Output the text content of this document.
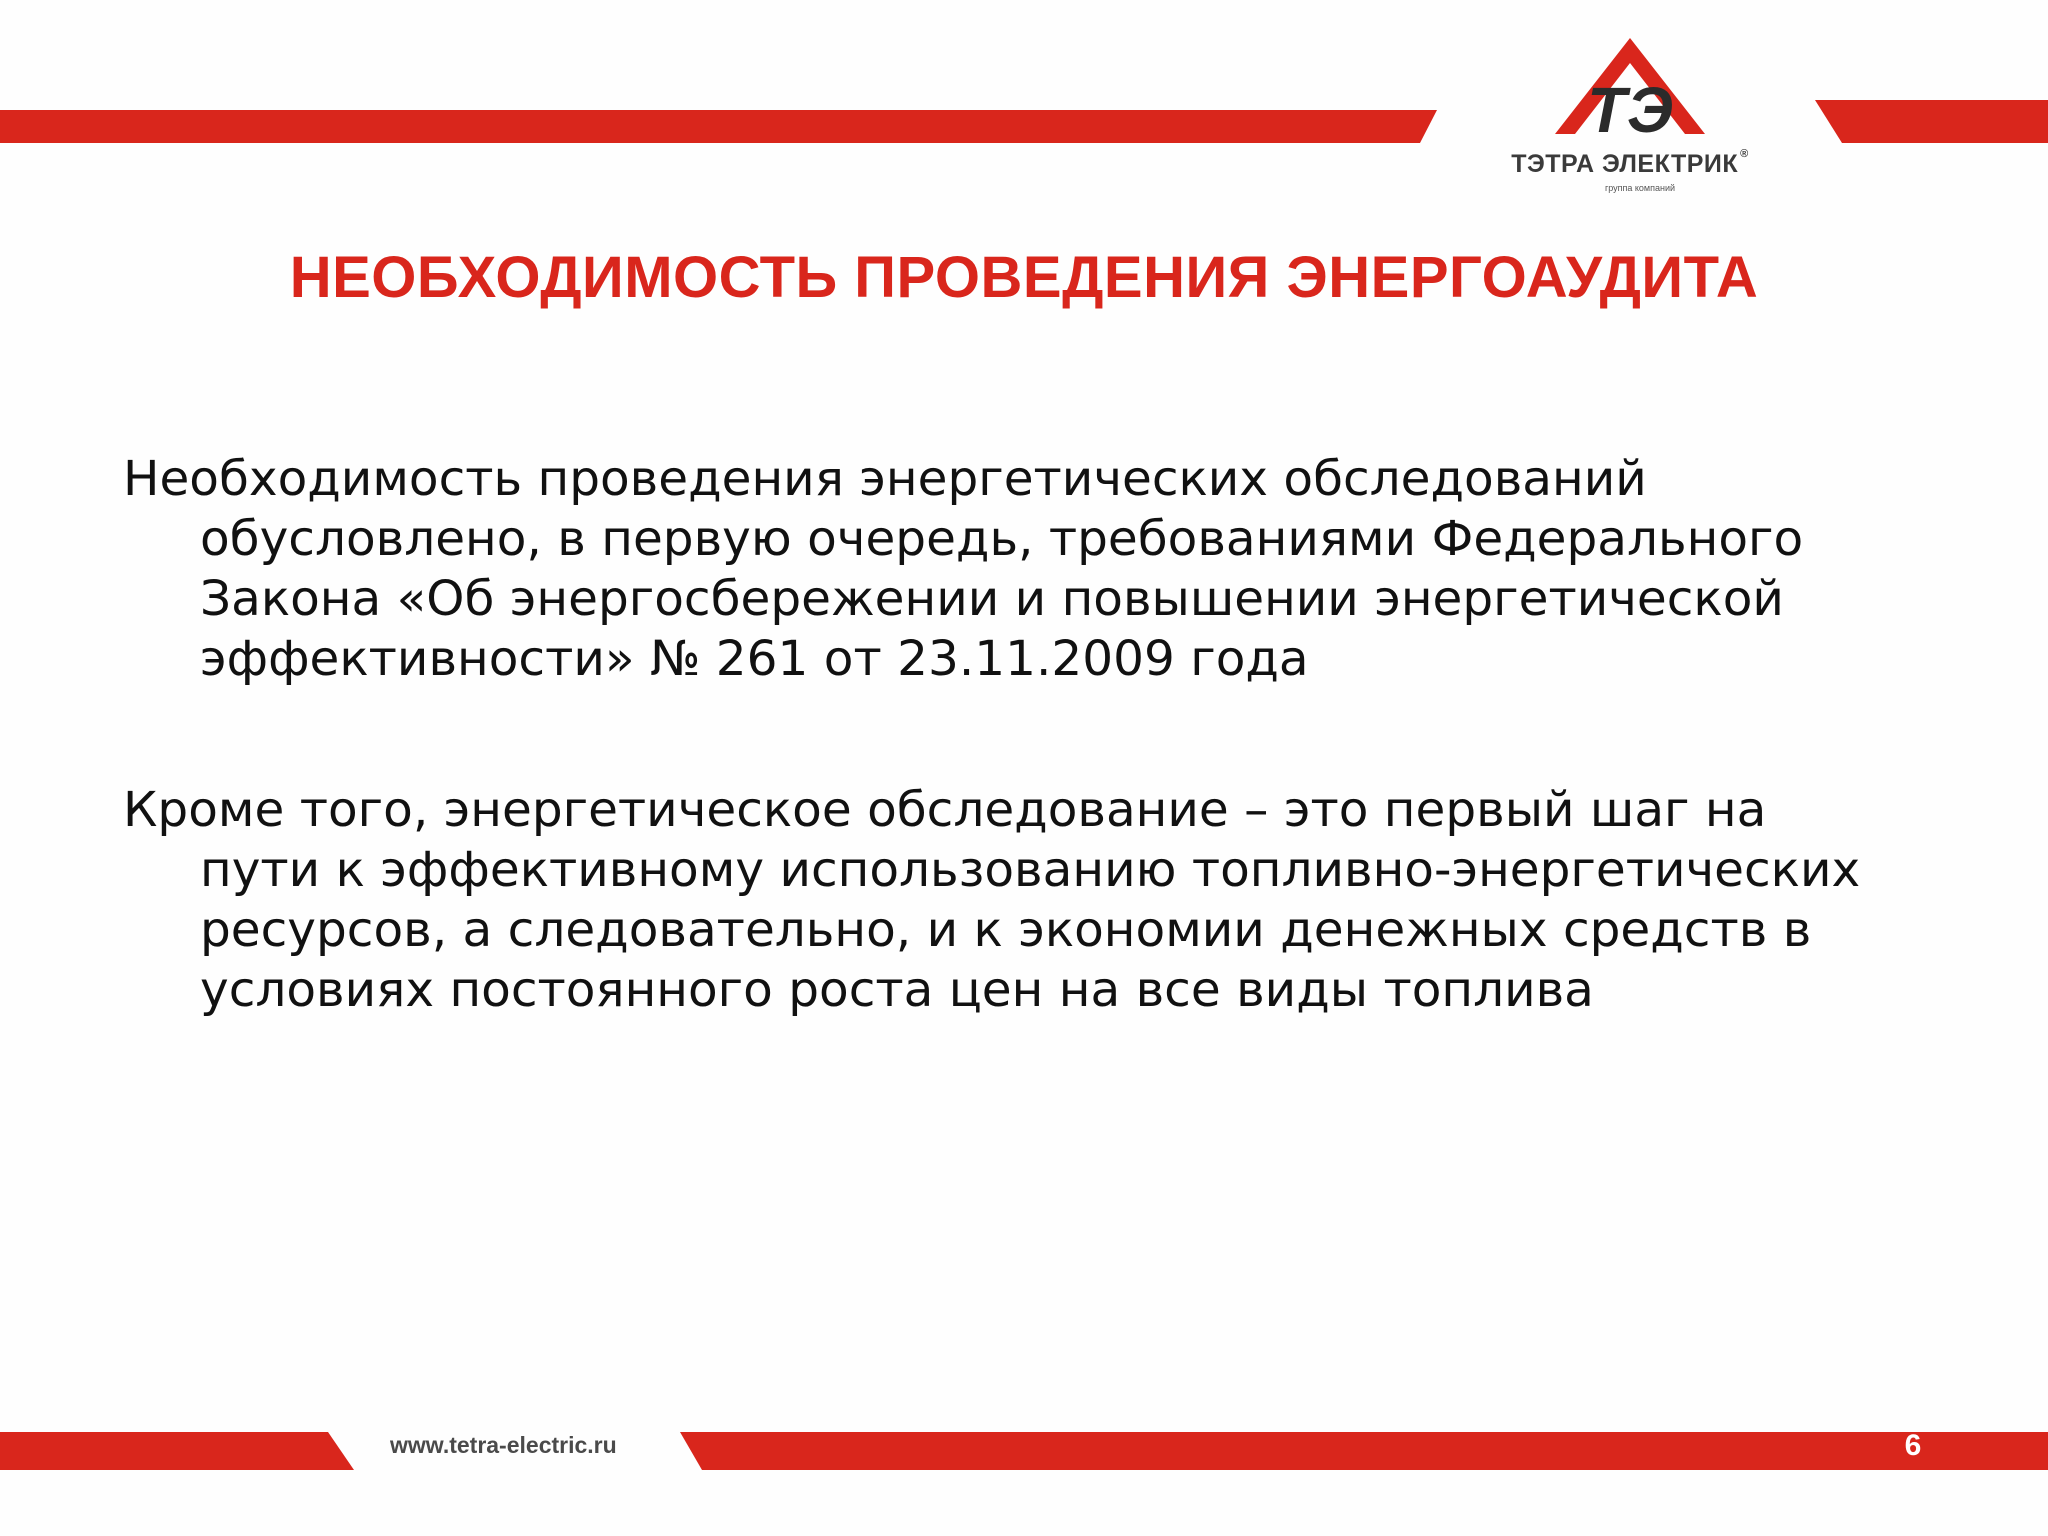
ТЭ
ТЭТРА ЭЛЕКТРИК ®
группа компаний
НЕОБХОДИМОСТЬ ПРОВЕДЕНИЯ ЭНЕРГОАУДИТА
Необходимость проведения энергетических обследований
обусловлено, в первую очередь, требованиями Федерального
Закона «Об энергосбережении и повышении энергетической
эффективности» № 261 от 23.11.2009 года
Кроме того, энергетическое обследование – это первый шаг на
пути к эффективному использованию топливно-энергетических
ресурсов, а следовательно, и к экономии денежных средств в
условиях постоянного роста цен на все виды топлива
www.tetra-electric.ru	6
